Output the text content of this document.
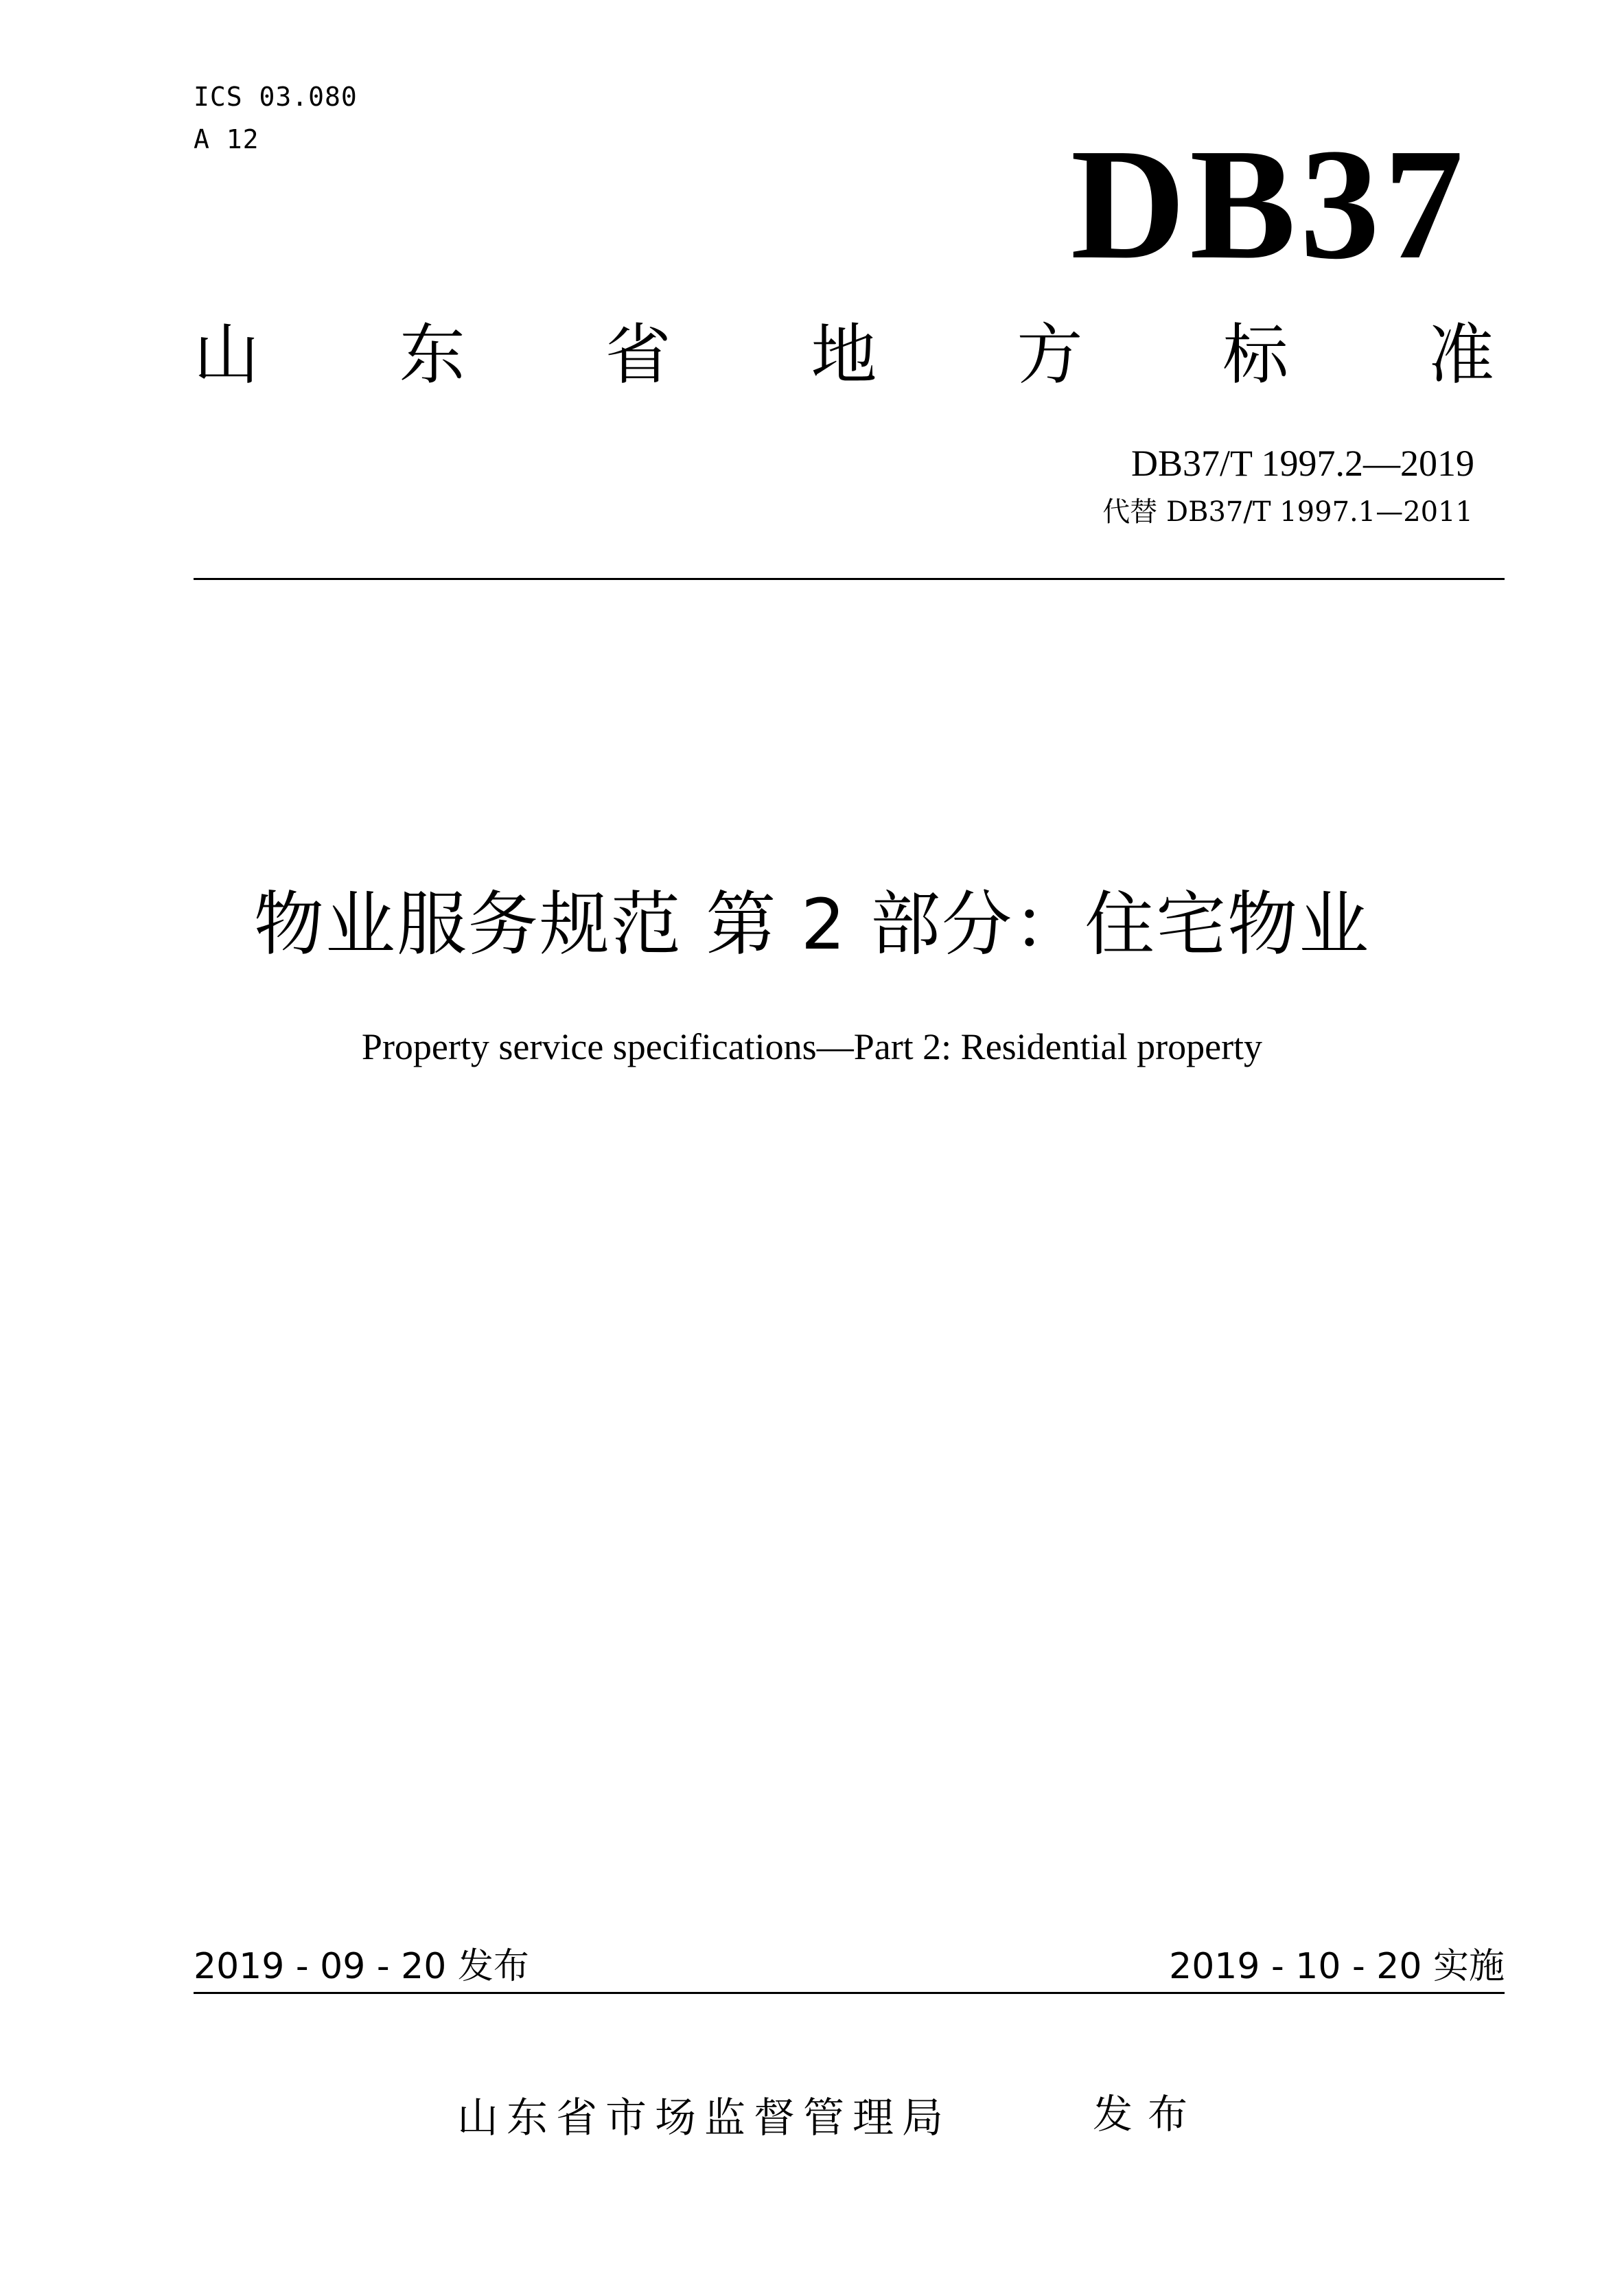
ICS 03.080
A 12	DB37
山 东 省 地 方 标 准
DB37/T 1997.2—2019
代替 DB37/T 1997.1—2011
物业服务规范 第 2 部分：住宅物业
Property service specifications—Part 2: Residential property
2019 - 09 - 20 发布	2019 - 10 - 20 实施
山东省市场监督管理局	发布
